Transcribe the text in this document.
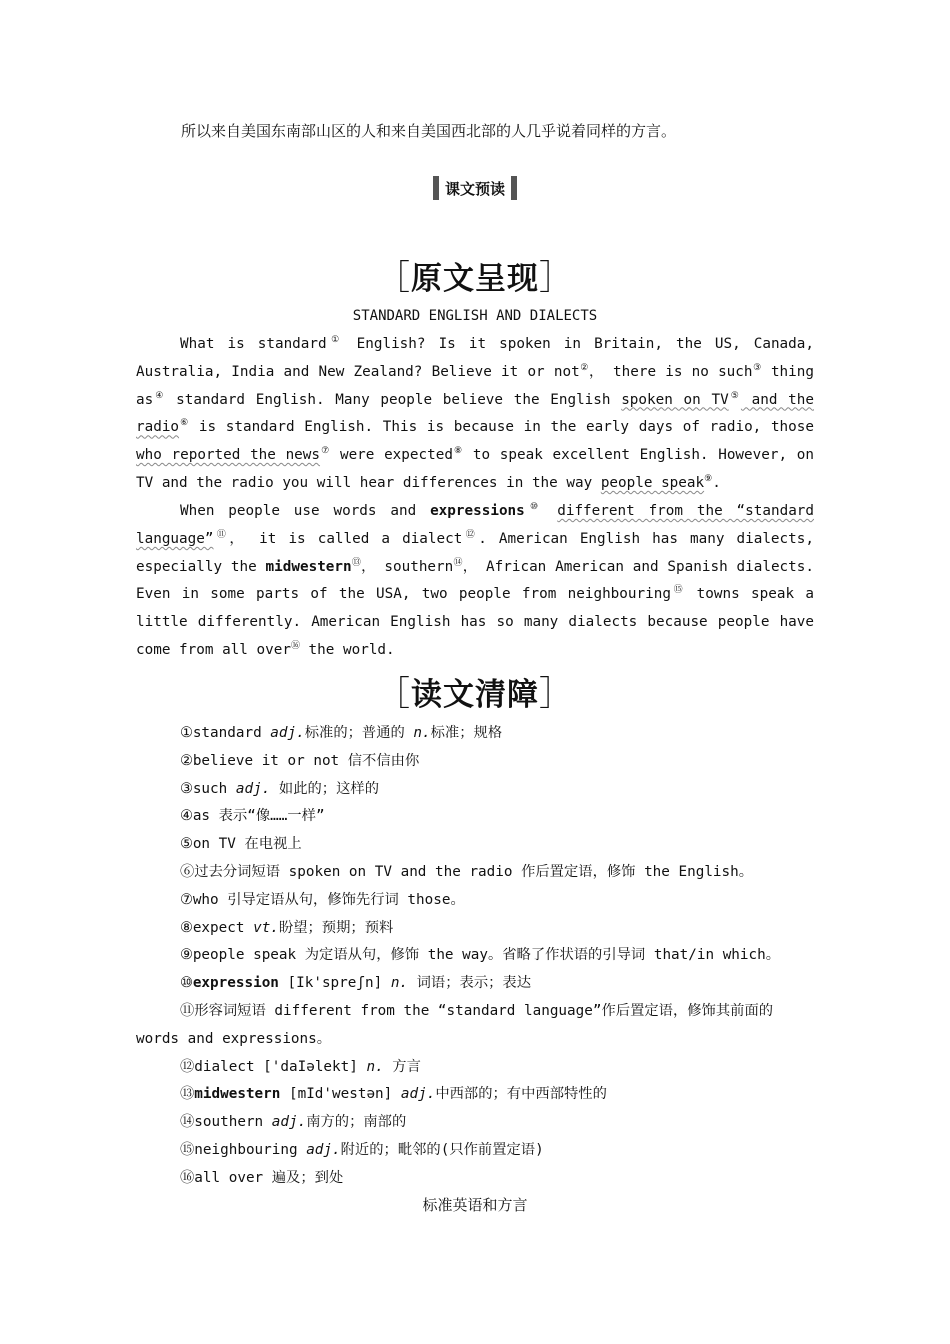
所以来自美国东南部山区的人和来自美国西北部的人几乎说着同样的方言。
课文预读
［原文呈现］
STANDARD ENGLISH AND DIALECTS

What is standard① English? Is it spoken in Britain, the US, Canada, Australia, India and New Zealand? Believe it or not②， there is no such③ thing as④ standard English. Many people believe the English spoken on TV⑤ and the radio⑥ is standard English. This is because in the early days of radio, those who reported the news⑦ were expected⑧ to speak excellent English. However, on TV and the radio you will hear differences in the way people speak⑨.

When people use words and expressions⑩ different from the “standard language”⑪， it is called a dialect⑫. American English has many dialects, especially the midwestern⑬， southern⑭， African American and Spanish dialects. Even in some parts of the USA, two people from neighbouring⑮ towns speak a little differently. American English has so many dialects because people have come from all over⑯ the world.

［读文清障］
①standard adj.标准的；普通的 n.标准；规格
②believe it or not 信不信由你
③such adj. 如此的；这样的
④as 表示“像……一样”
⑤on TV 在电视上
⑥过去分词短语 spoken on TV and the radio 作后置定语，修饰 the English。
⑦who 引导定语从句，修饰先行词 those。
⑧expect vt.盼望；预期；预料
⑨people speak 为定语从句，修饰 the way。省略了作状语的引导词 that/in which。
⑩expression [Ik'spreʃn] n. 词语；表示；表达
⑪形容词短语 different from the “standard language”作后置定语，修饰其前面的 words and expressions。
⑫dialect ['daIəlekt] n. 方言
⑬midwestern [mId'westən] adj.中西部的；有中西部特性的
⑭southern adj.南方的；南部的
⑮neighbouring adj.附近的；毗邻的(只作前置定语)
⑯all over 遍及；到处
标准英语和方言
